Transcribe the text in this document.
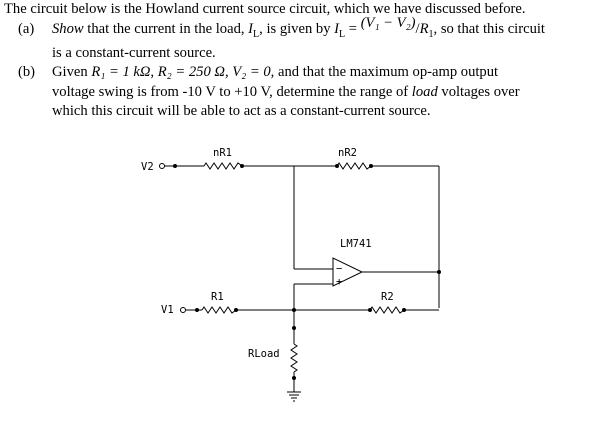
The circuit below is the Howland current source circuit, which we have discussed before.

(a) Show that the current in the load, $I_L$, is given by $I_L = (V_1 - V_2)/R_1$, so that this circuit

is a constant-current source.

(b) Given R₁ = 1 kΩ, R₂ = 250 Ω, V₂ = 0, and that the maximum op-amp output

voltage swing is from -10 V to +10 V, determine the range of load voltages over

which this circuit will be able to act as a constant-current source.

V2
nR1	nR2
LM741
−
+
V1
R1	R2
RLoad
